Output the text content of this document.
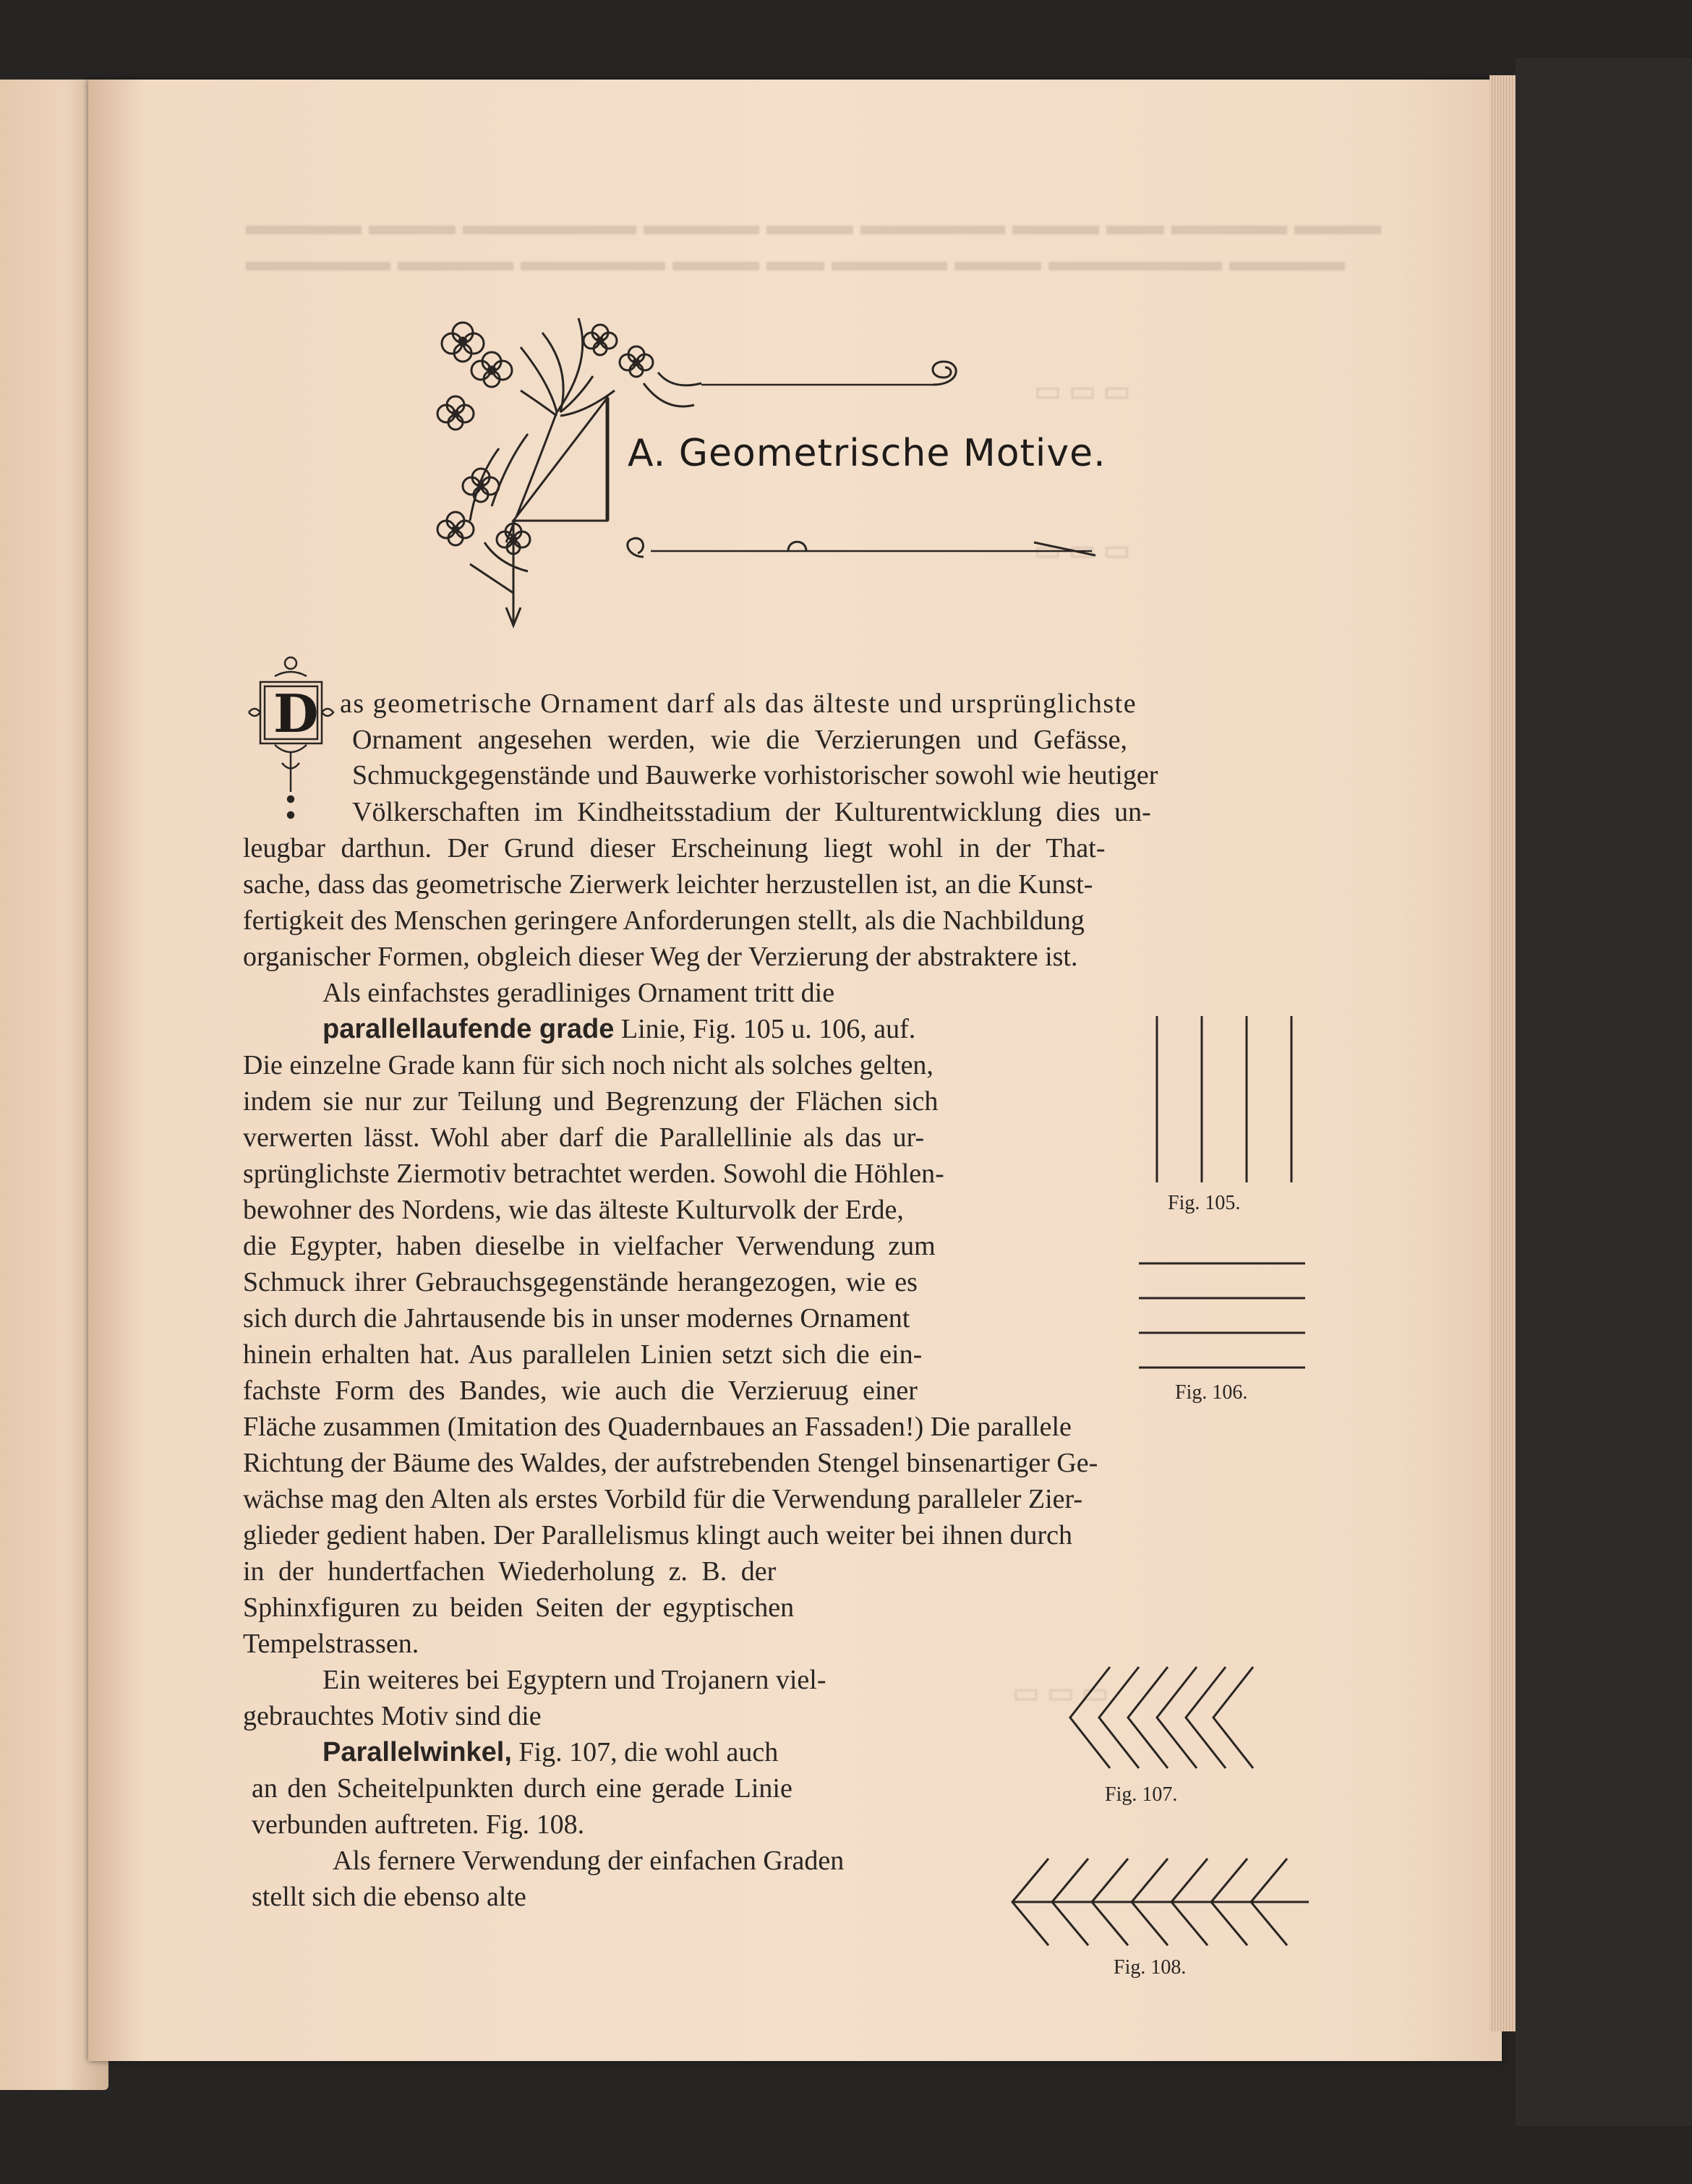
▬▬▬ ▬▬▬▬ ▬▬ ▬▬▬ ▬▬▬▬▬ ▬▬▬ ▬▬▬▬ ▬▬▬▬▬▬ ▬▬▬ ▬▬▬▬
▬▬▬▬ ▬▬▬▬▬▬ ▬▬▬ ▬▬▬▬ ▬▬ ▬▬▬ ▬▬▬▬▬ ▬▬▬▬ ▬▬▬▬▬
▭ ▭ ▭
▭ ▭ ▭
▭ ▭ ▭
A. Geometrische Motive.
D as geometrische Ornament darf als das älteste und ursprünglichste
Ornament angesehen werden, wie die Verzierungen und Gefässe,
Schmuckgegenstände und Bauwerke vorhistorischer sowohl wie heutiger
Völkerschaften im Kindheitsstadium der Kulturentwicklung dies un-
leugbar darthun. Der Grund dieser Erscheinung liegt wohl in der That-
sache, dass das geometrische Zierwerk leichter herzustellen ist, an die Kunst-
fertigkeit des Menschen geringere Anforderungen stellt, als die Nachbildung
organischer Formen, obgleich dieser Weg der Verzierung der abstraktere ist.
Als einfachstes geradliniges Ornament tritt die
parallellaufende grade Linie, Fig. 105 u. 106, auf.
Die einzelne Grade kann für sich noch nicht als solches gelten,
indem sie nur zur Teilung und Begrenzung der Flächen sich
verwerten lässt. Wohl aber darf die Parallellinie als das ur-
sprünglichste Ziermotiv betrachtet werden. Sowohl die Höhlen-
bewohner des Nordens, wie das älteste Kulturvolk der Erde,
die Egypter, haben dieselbe in vielfacher Verwendung zum
Schmuck ihrer Gebrauchsgegenstände herangezogen, wie es
sich durch die Jahrtausende bis in unser modernes Ornament
hinein erhalten hat. Aus parallelen Linien setzt sich die ein-
fachste Form des Bandes, wie auch die Verzieruug einer
Fläche zusammen (Imitation des Quadernbaues an Fassaden!) Die parallele
Richtung der Bäume des Waldes, der aufstrebenden Stengel binsenartiger Ge-
wächse mag den Alten als erstes Vorbild für die Verwendung paralleler Zier-
glieder gedient haben. Der Parallelismus klingt auch weiter bei ihnen durch
in der hundertfachen Wiederholung z. B. der
Sphinxfiguren zu beiden Seiten der egyptischen
Tempelstrassen.
Ein weiteres bei Egyptern und Trojanern viel-
gebrauchtes Motiv sind die
Parallelwinkel, Fig. 107, die wohl auch
an den Scheitelpunkten durch eine gerade Linie
verbunden auftreten. Fig. 108.
Als fernere Verwendung der einfachen Graden
stellt sich die ebenso alte
Fig. 105.
Fig. 106.
Fig. 107.
Fig. 108.
